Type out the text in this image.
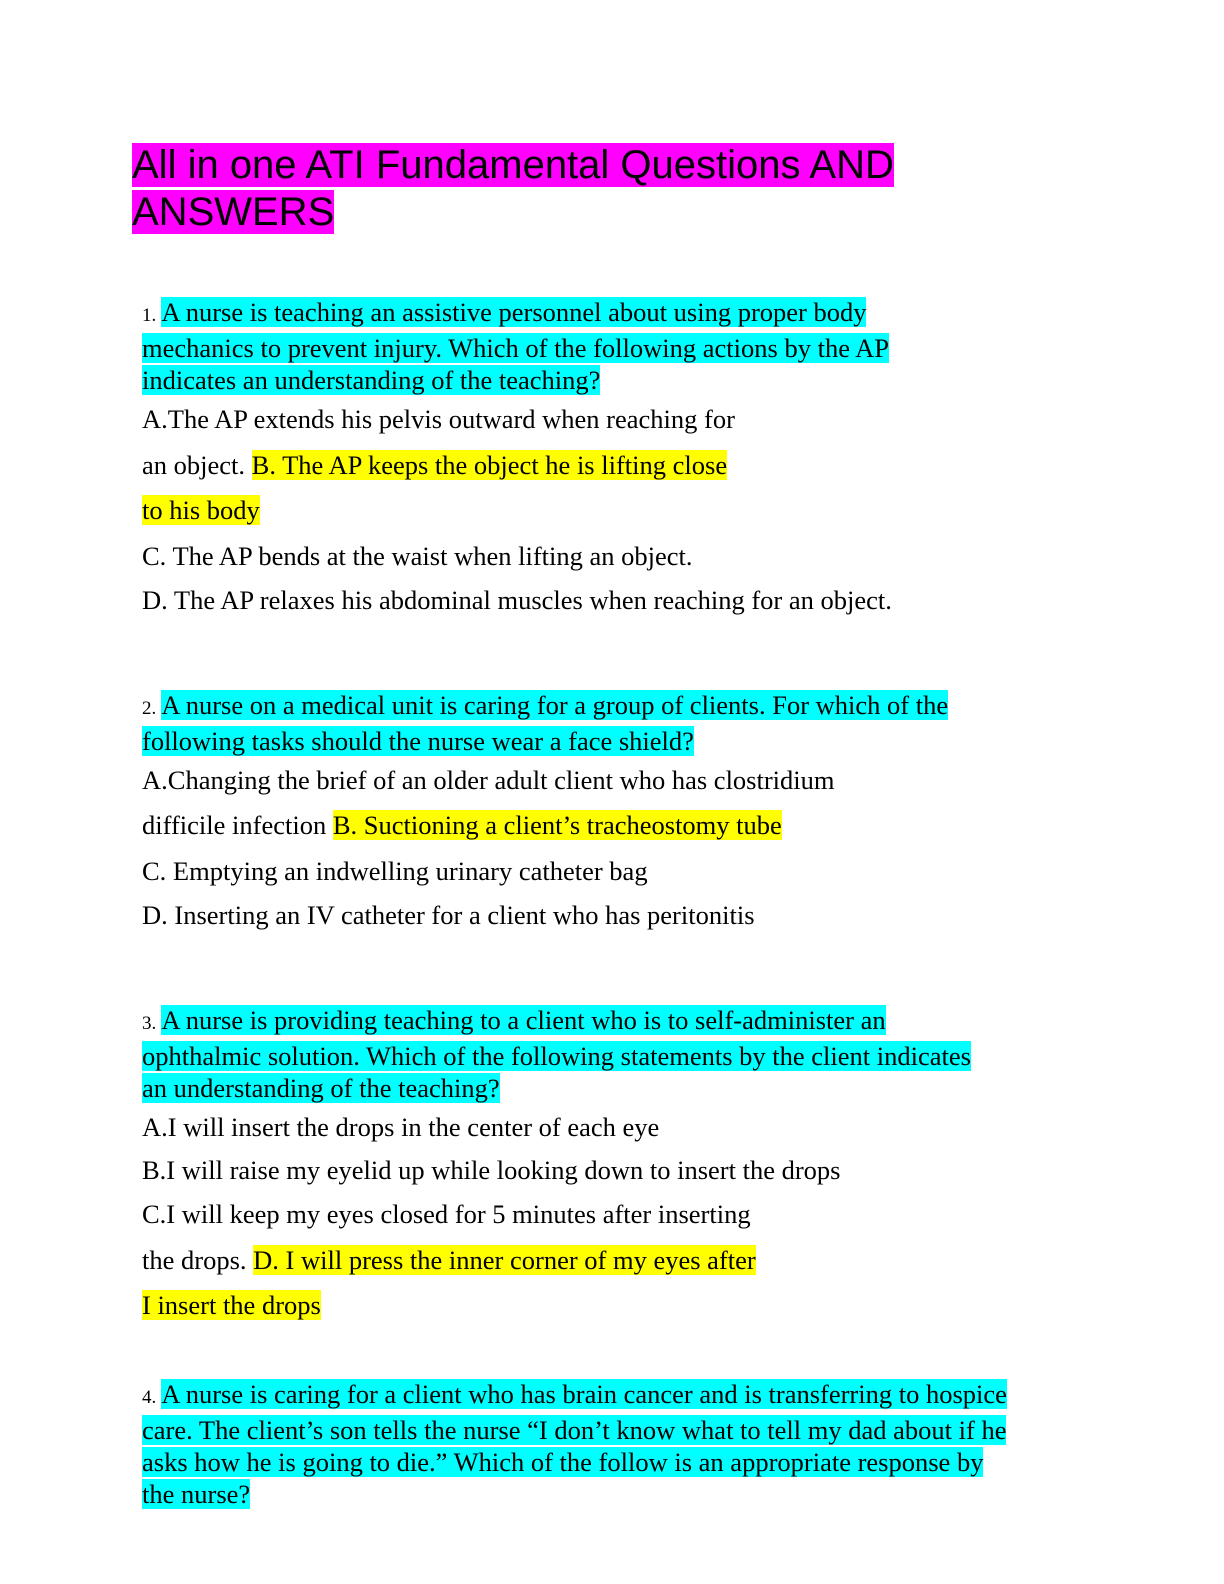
All in one ATI Fundamental Questions AND
ANSWERS
1. A nurse is teaching an assistive personnel about using proper body
mechanics to prevent injury. Which of the following actions by the AP
indicates an understanding of the teaching?
A.The AP extends his pelvis outward when reaching for
an object. B. The AP keeps the object he is lifting close
to his body
C. The AP bends at the waist when lifting an object.
D. The AP relaxes his abdominal muscles when reaching for an object.
2. A nurse on a medical unit is caring for a group of clients. For which of the
following tasks should the nurse wear a face shield?
A.Changing the brief of an older adult client who has clostridium
difficile infection B. Suctioning a client’s tracheostomy tube
C. Emptying an indwelling urinary catheter bag
D. Inserting an IV catheter for a client who has peritonitis
3. A nurse is providing teaching to a client who is to self-administer an
ophthalmic solution. Which of the following statements by the client indicates
an understanding of the teaching?
A.I will insert the drops in the center of each eye
B.I will raise my eyelid up while looking down to insert the drops
C.I will keep my eyes closed for 5 minutes after inserting
the drops. D. I will press the inner corner of my eyes after
I insert the drops
4. A nurse is caring for a client who has brain cancer and is transferring to hospice
care. The client’s son tells the nurse “I don’t know what to tell my dad about if he
asks how he is going to die.” Which of the follow is an appropriate response by
the nurse?
